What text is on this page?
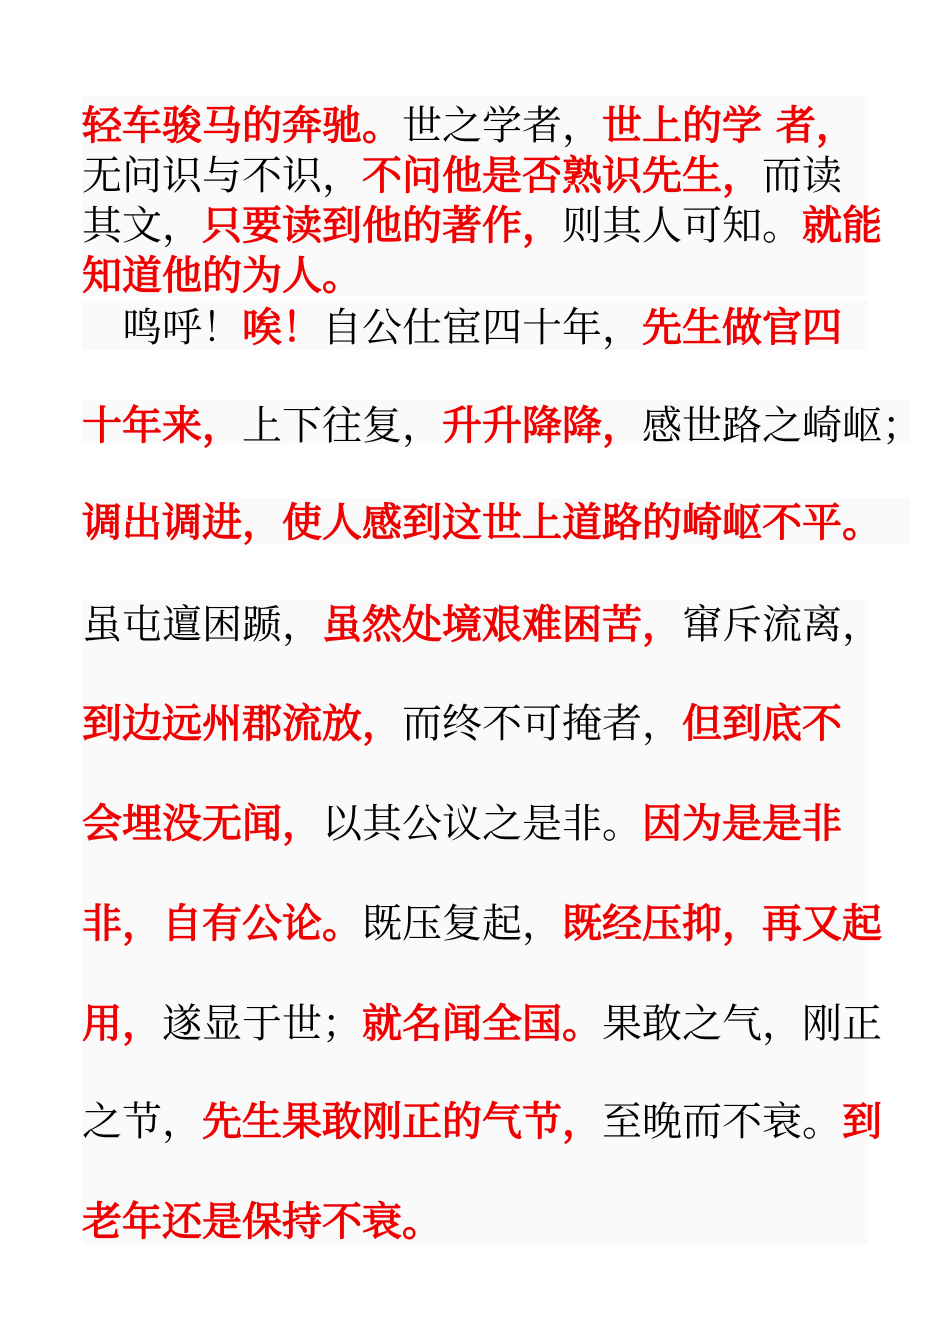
轻车骏马的奔驰。世之学者，世上的学 者，
无问识与不识，不问他是否熟识先生，而读
其文，只要读到他的著作，则其人可知。就能
知道他的为人。
　鸣呼！唉！自公仕宦四十年，先生做官四
十年来，上下往复，升升降降，感世路之崎岖；
调出调进，使人感到这世上道路的崎岖不平。
虽屯邅困踬，虽然处境艰难困苦，窜斥流离，
到边远州郡流放，而终不可掩者，但到底不
会埋没无闻，以其公议之是非。因为是是非
非，自有公论。既压复起，既经压抑，再又起
用，遂显于世；就名闻全国。果敢之气，刚正
之节，先生果敢刚正的气节，至晚而不衰。到
老年还是保持不衰。
